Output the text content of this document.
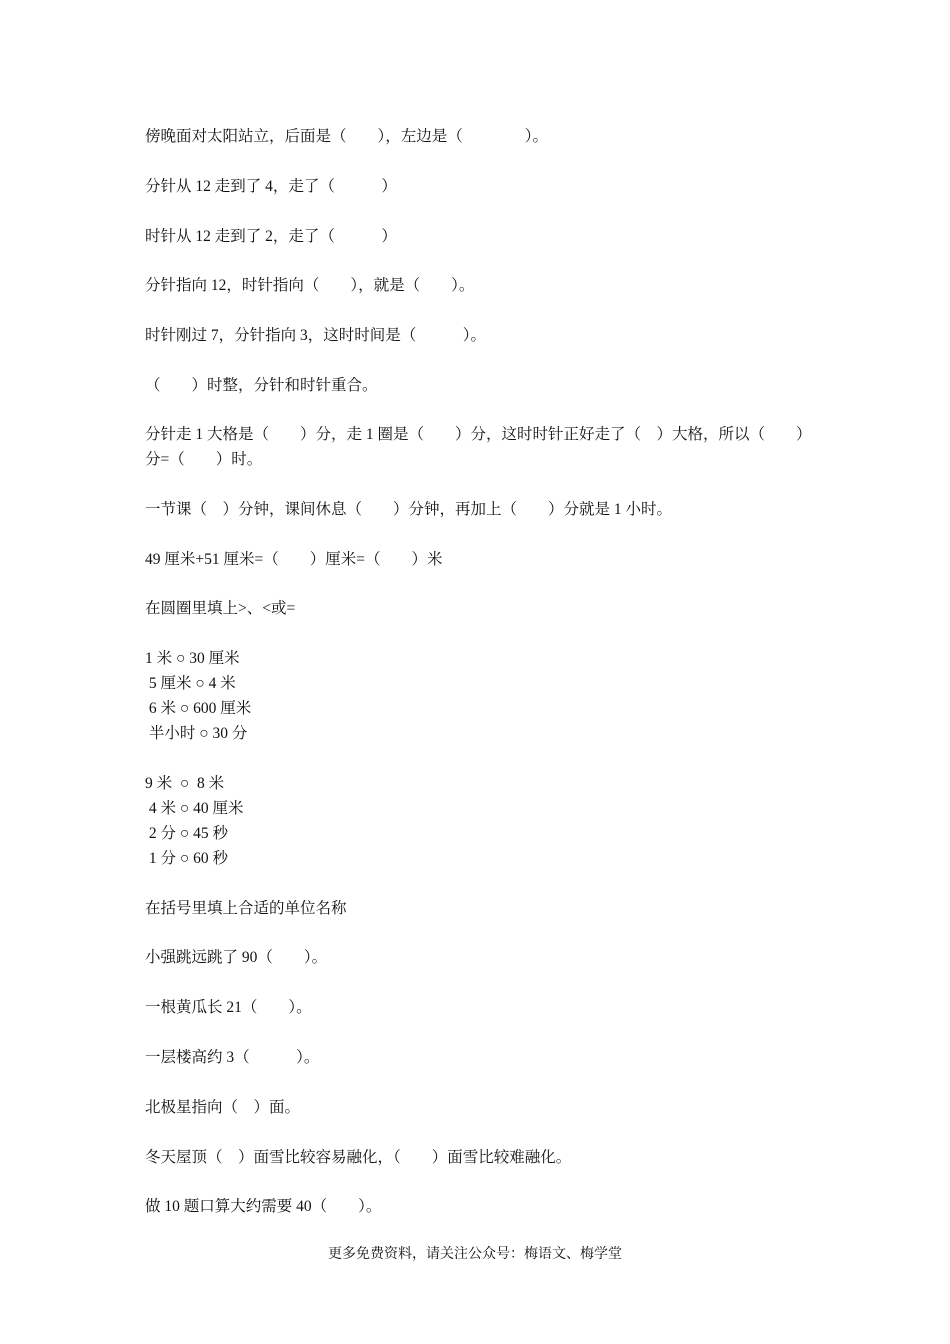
傍晚面对太阳站立，后面是（　　），左边是（　　　　）。
分针从 12 走到了 4，走了（　　　）
时针从 12 走到了 2，走了（　　　）
分针指向 12，时针指向（　　），就是（　　）。
时针刚过 7，分针指向 3，这时时间是（　　　）。
（　　）时整，分针和时针重合。
分针走 1 大格是（　　）分，走 1 圈是（　　）分，这时时针正好走了（　）大格，所以（　　）分=（　　）时。
一节课（　）分钟，课间休息（　　）分钟，再加上（　　）分就是 1 小时。
49 厘米+51 厘米=（　　）厘米=（　　）米
在圆圈里填上>、<或=
1 米 ○ 30 厘米
5 厘米 ○ 4 米
6 米 ○ 600 厘米
半小时 ○ 30 分
9 米  ○  8 米
4 米 ○ 40 厘米
2 分 ○ 45 秒
1 分 ○ 60 秒
在括号里填上合适的单位名称
小强跳远跳了 90（　　）。
一根黄瓜长 21（　　）。
一层楼高约 3（　　　）。
北极星指向（　）面。
冬天屋顶（　）面雪比较容易融化，（　　）面雪比较难融化。
做 10 题口算大约需要 40（　　）。
更多免费资料，请关注公众号：梅语文、梅学堂
